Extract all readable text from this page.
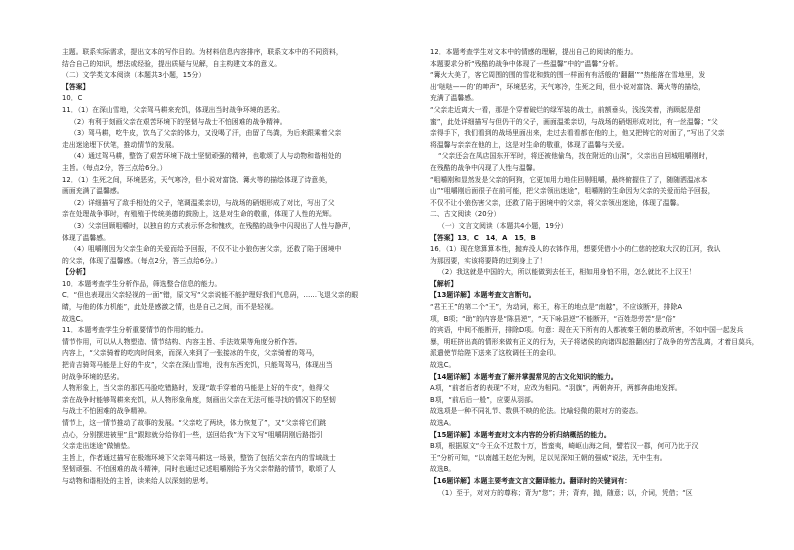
主题。联系实际需求，提出文本的写作目的。为材料信息内容排序，联系文本中的不同资料，
结合自己的知识，想法或经验，提出质疑与见解，自主构建文本的意义。
（二）文学类文本阅读（本题共3小题，15分）
【答案】
10．C
11．（1）在深山雪地，父亲驾马耕来充饥，体现出当时战争环境的恶劣。
（2）有利于刻画父亲在艰苦环境下的坚韧与战士不怕困难的战争精神。
（3）驾马耕，吃牛皮，饮鸟了父亲的体力，又没喝了汗，由留了鸟粪，为后来跟乘着父亲
走出迷途埋下伏笔，推动情节的发展。
（4）通过驾马耕，整饬了艰苦环境下战士坚韧顽强的精神，也歌颂了人与动物和谐相处的
主旨。（每点2分，答三点给6分。）
12．（1）生死之间，环境恶劣，天气寒冷，但小说对富饶、篝火等的描绘体现了诗意美，
画面充满了温馨感。
（2）详细描写了敌手相处的父子，笔调温柔亲切，与战场的硝烟形成了对比，写出了父
亲在处理战争事时，有殖殖于传统美德的鼓励上，这是对生命的敬重，体现了人性的光辉。
（3）父亲回顾咀嚼时，以独自的方式表示怀念和愧疚，在残酷的战争中闪现出了人性与静声，
体现了温馨感。
（4）咀嚼刚因为父亲生命的关爱而给予回报，不仅不让小狼伤害父亲，还救了陷于困境中
的父亲，体现了温馨感。（每点2分，答三点给6分。）
【分析】
10．本题考查学生分析作品，筛选整合信息的能力。
C．“但也表现出父亲轻视的一面”错，原文写“父亲说能不能护理好我们气息码，……飞退父亲的眼
睛，与他的体力机能”，此处是感激之情，也是自己之间，而不是轻视。
故选C。
11．本题考查学生分析重要情节的作用的能力。
情节作用，可以从人物塑造、情节结构、内容主旨、手法效果等角度分析作答。
内容上，“父亲骑着的吃肉时间来，而深入来到了一张接冰的牛皮，父亲骑着的驾马，
把肯吉骑驾马能是上好的牛皮”，父亲在深山雪地，没有东西充饥，只能驾驾马，体现出当
时战争环境的恶劣。
人物形象上，当父亲的那匹马脸吃错路时，发现“敢手穿着的马能是上好的牛皮”，他得父
亲在战争时能够驾耕来充饥，从人物形象角度，刻画出父亲在无法可能寻找的情况下的坚韧
与战士不怕困难的战争精神。
情节上，这一情节推动了故事的发展。“父亲吃了两块，体力恢复了”，又“父亲将它们跳
点心，分别摆进被里”且“跟踪就分给你们一些，送回给我”为下文写“咀嚼阴刚后路指引
父亲走出迷途”做铺垫。
主旨上，作者通过描写在极端环境下父亲驾马耕这一场景，整饬了包括父亲在内的雪域战士
坚韧顽强、不怕困难的战斗精神，同时也通过记述咀嚼刚给予为父亲带路的情节，歌颂了人
与动物和谐相处的主旨，读来给人以深刻的思考。
12．本题考查学生对文本中的情感的理解，提出自己的阅读的能力。
本题要求分析“残酷的战争中体现了一些温馨”中的“温馨”分析。
“篝火大美了，客它周围的围的雪花和鼓的围一样面有有活般的‘翻翻’”“热能落在雪地里，发
出‘哒哒——的’的呻声”，环境恶劣，天气寒冷，生死之间，但小说对富饶、篝火等的描绘，
充满了温馨感。
“父亲走近离大一看，那是个穿着破烂的绿军装的战士，前额垂头，浅浅笑着，消顾起是甜
蜜”，此处详细描写与但仍干的父子，画面温柔亲切，与战场的硝烟形成对比，有一丝温馨；“父
亲得手下，我们看到的战场里面出来，走过去看看都在他的上，他又把铸它的对面了，”写出了父亲
将温馨与亲亲在他的上，这是对生命的敬重，体现了温馨与关爱。
“父亲还会在凤店国东开军时，将还被他偷鸟，找在附近的山洞”，父亲出自回城咀嚼刚时，
在残酷的战争中闪现了人性与温馨。
“咀嚼刚和显然发是父亲的阿狗，它更加用力地住回剔咀嚼，最终俯握住了了，随随洒温冰本
山”“咀嚼刚后面很子在前可能，把父亲领出迷途”，咀嚼刚的生命因为父亲的关爱而给予回报，
不仅不让小狼伤害父亲，还救了陷于困境中的父亲，将父亲领出迷途，体现了温馨。
二、古文阅读（20分）
（一）文言文阅读（本题共4小题，19分）
【答案】13．C　14．A　15．B
16．（1）现在您算算本性，抛弃没人的衣钵作用，想要凭借小小的仁慈的挖取大汉的江河，我认
为那因要，实该将要降的过到身上了！
（2）我这就是中国的大，所以能做到去任王，相如用身怕不用，怎么就比不上汉王！
【解析】
【13题详解】本题考查文言断句。
“君王王”的第二个“王”，为动词，称王，称王的地点是“南越”，不应该断开，排除A
项，B项；“助”的内容是“陈县逆”，“天下咏县逆”不能断开，“百姓怨劳苦”是“俗”
的宾语，中间不能断开，排除D项。句意：现在天下所有的人都被秦王朝的暴政所害，不如中国一起发兵
暴，明旺挤出高的情形来做有正义的行为，天子将诸侯的向诸四起推翻凶打了战争的劳苦乱离，才着目莫兵，
派遣使节给陛下送来了这枚调任王的金印。
故选C。
【14题详解】本题考查了解并掌握常见的古文化知识的能力。
A项，“前者后者的表现”不对，应改为相同。“羽旗”，两朝奔开，两都奔曲地发挥。
B项，“前后后一般”，应要从羽部。
故选项是一种不同礼节、数俱不映的伦法。比喻轻微的限对方的姿态。
故选A。
【15题详解】本题考查对文本内容的分析归纳概括的能力。
B项，根据原文“今王众不过数十万，皆蛮夷，崎岖山海之间，譬若汉一郡，何可乃比于汉
王”分析可知，“以南越王赵佗为例，足以见深知王朝的强威”说法，无中生有。
故选B。
【16题详解】本题主要考查文言文翻译能力。翻译时的关键词有：
（1）至于，对对方的尊称；背为“您”；并；背弃，抛，随意；以，介词，凭借；“区
